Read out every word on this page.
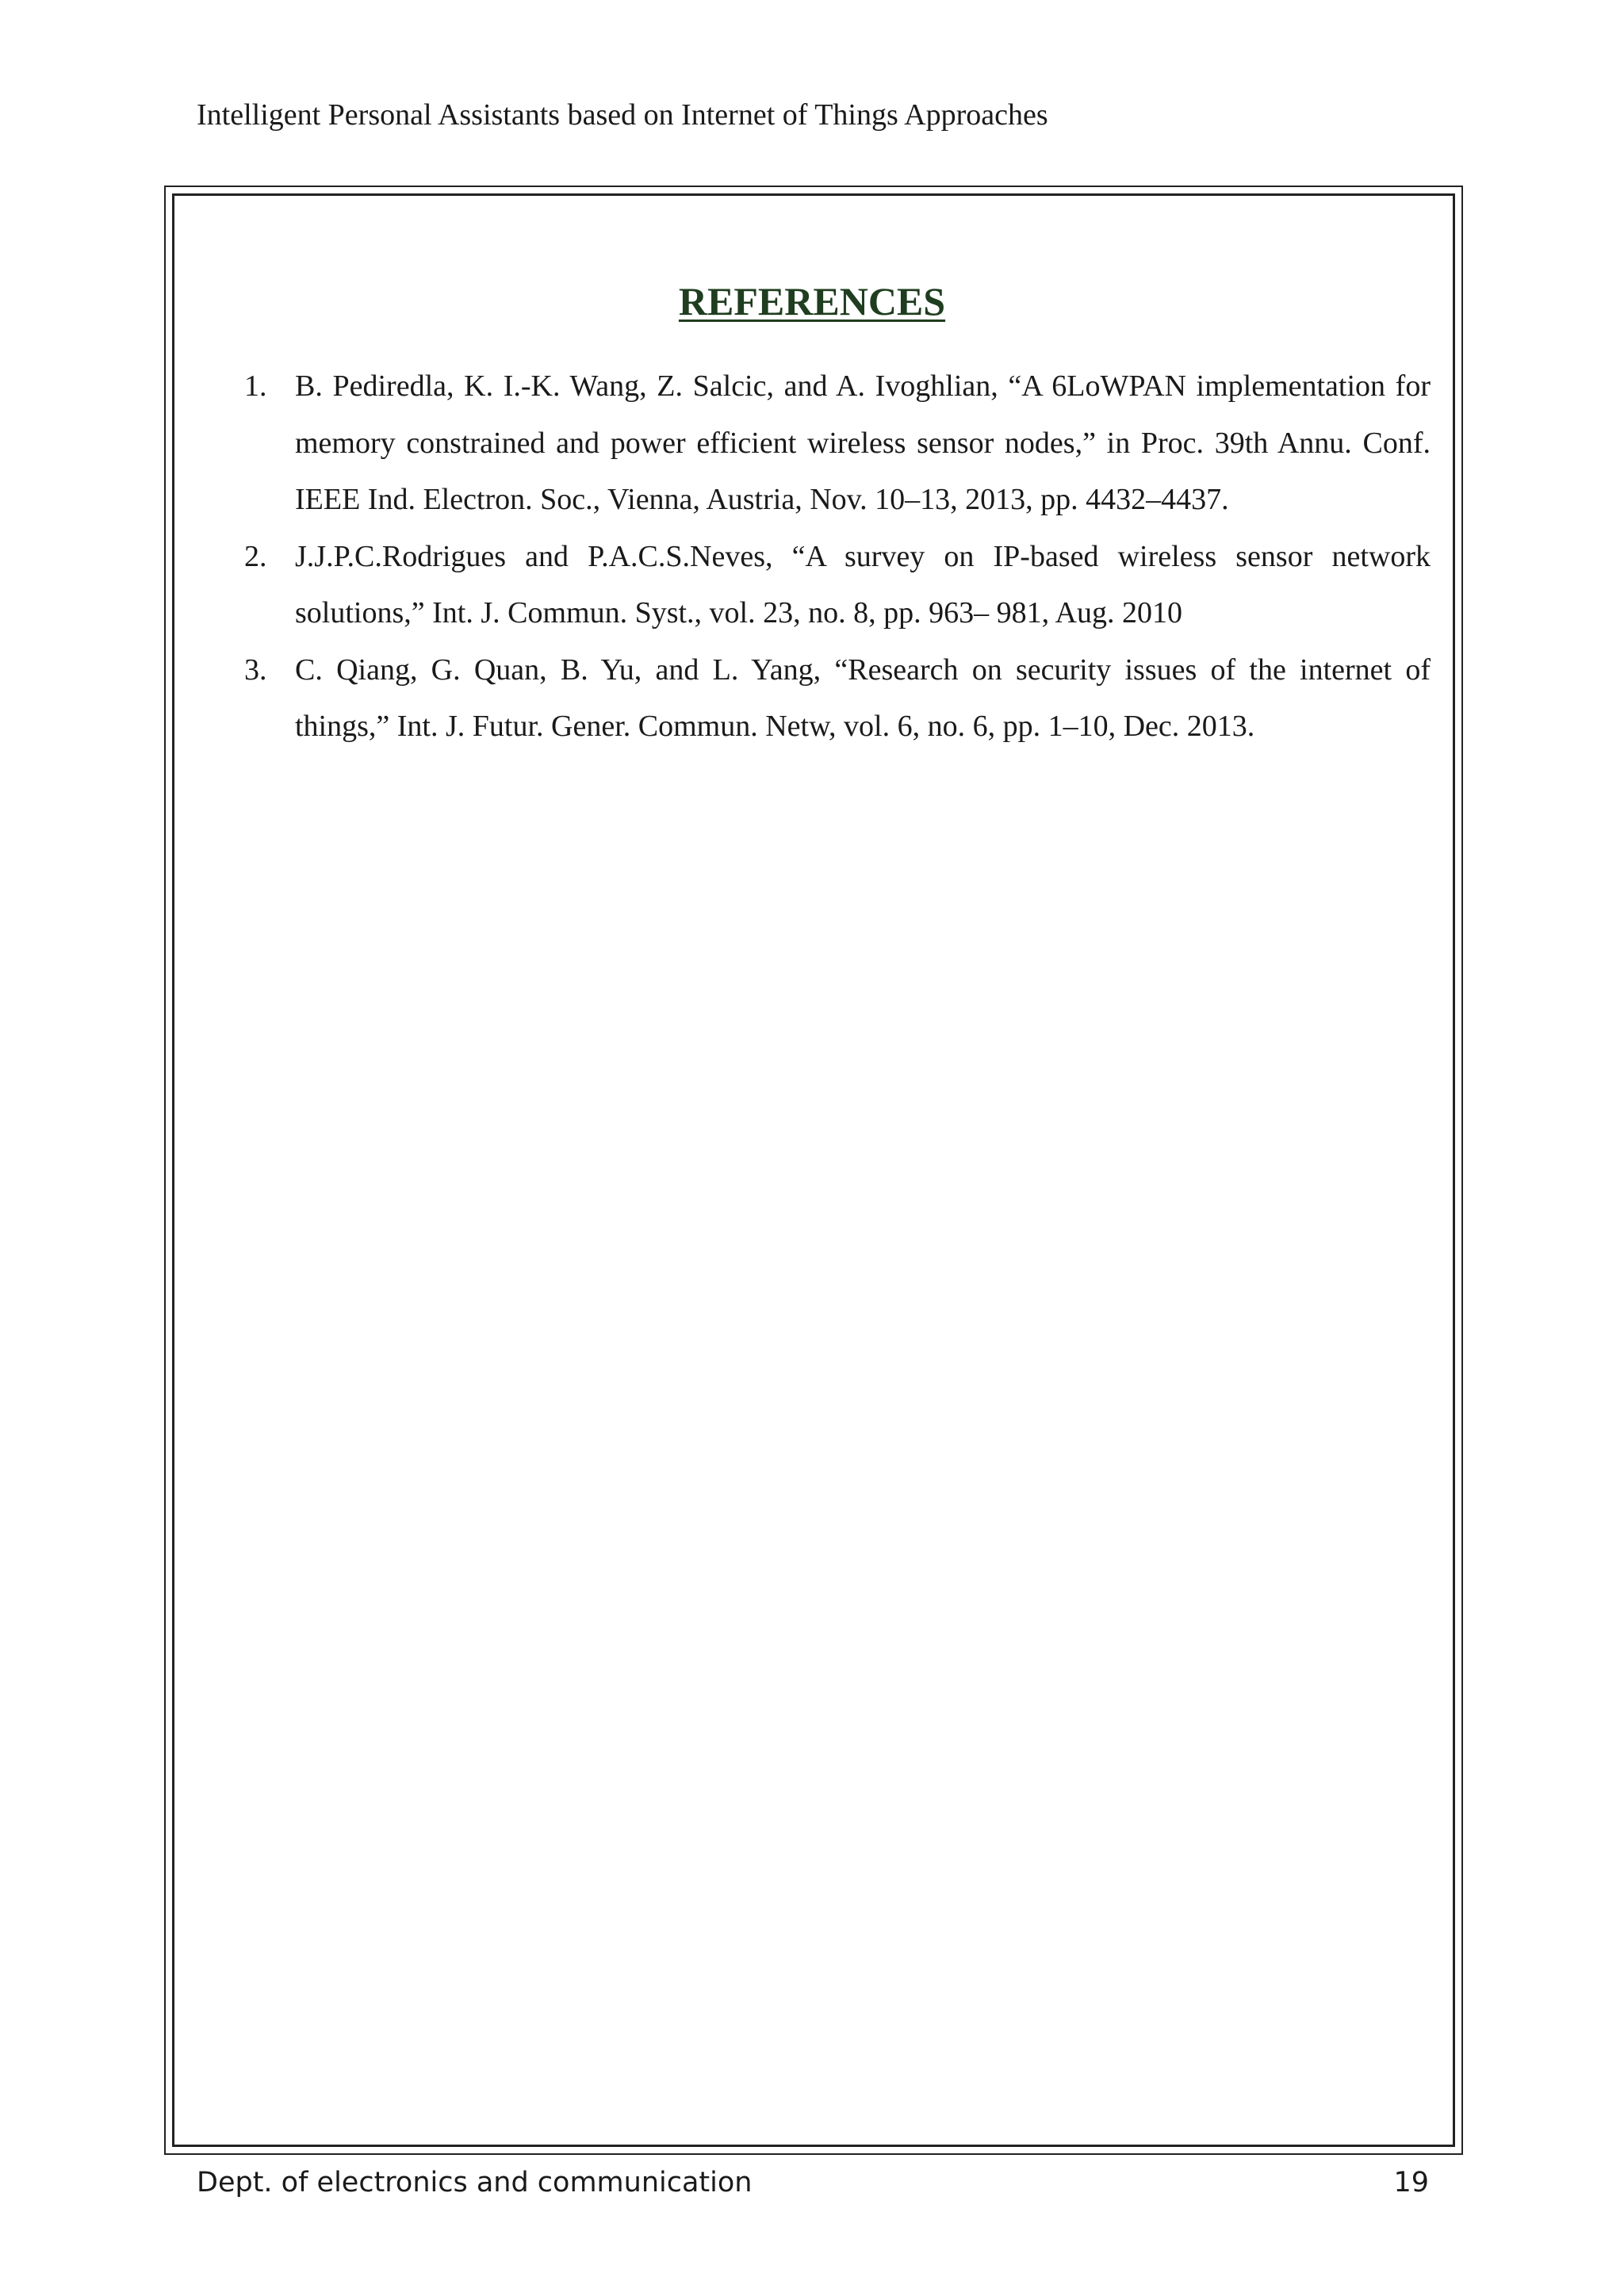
Intelligent Personal Assistants based on Internet of Things Approaches
REFERENCES
1. B. Pediredla, K. I.-K. Wang, Z. Salcic, and A. Ivoghlian, “A 6LoWPAN implementation for memory constrained and power efficient wireless sensor nodes,” in Proc. 39th Annu. Conf. IEEE Ind. Electron. Soc., Vienna, Austria, Nov. 10–13, 2013, pp. 4432–4437.
2. J.J.P.C.Rodrigues and P.A.C.S.Neves, “A survey on IP-based wireless sensor network solutions,” Int. J. Commun. Syst., vol. 23, no. 8, pp. 963– 981, Aug. 2010
3. C. Qiang, G. Quan, B. Yu, and L. Yang, “Research on security issues of the internet of things,” Int. J. Futur. Gener. Commun. Netw, vol. 6, no. 6, pp. 1–10, Dec. 2013.
Dept. of electronics and communication	19
